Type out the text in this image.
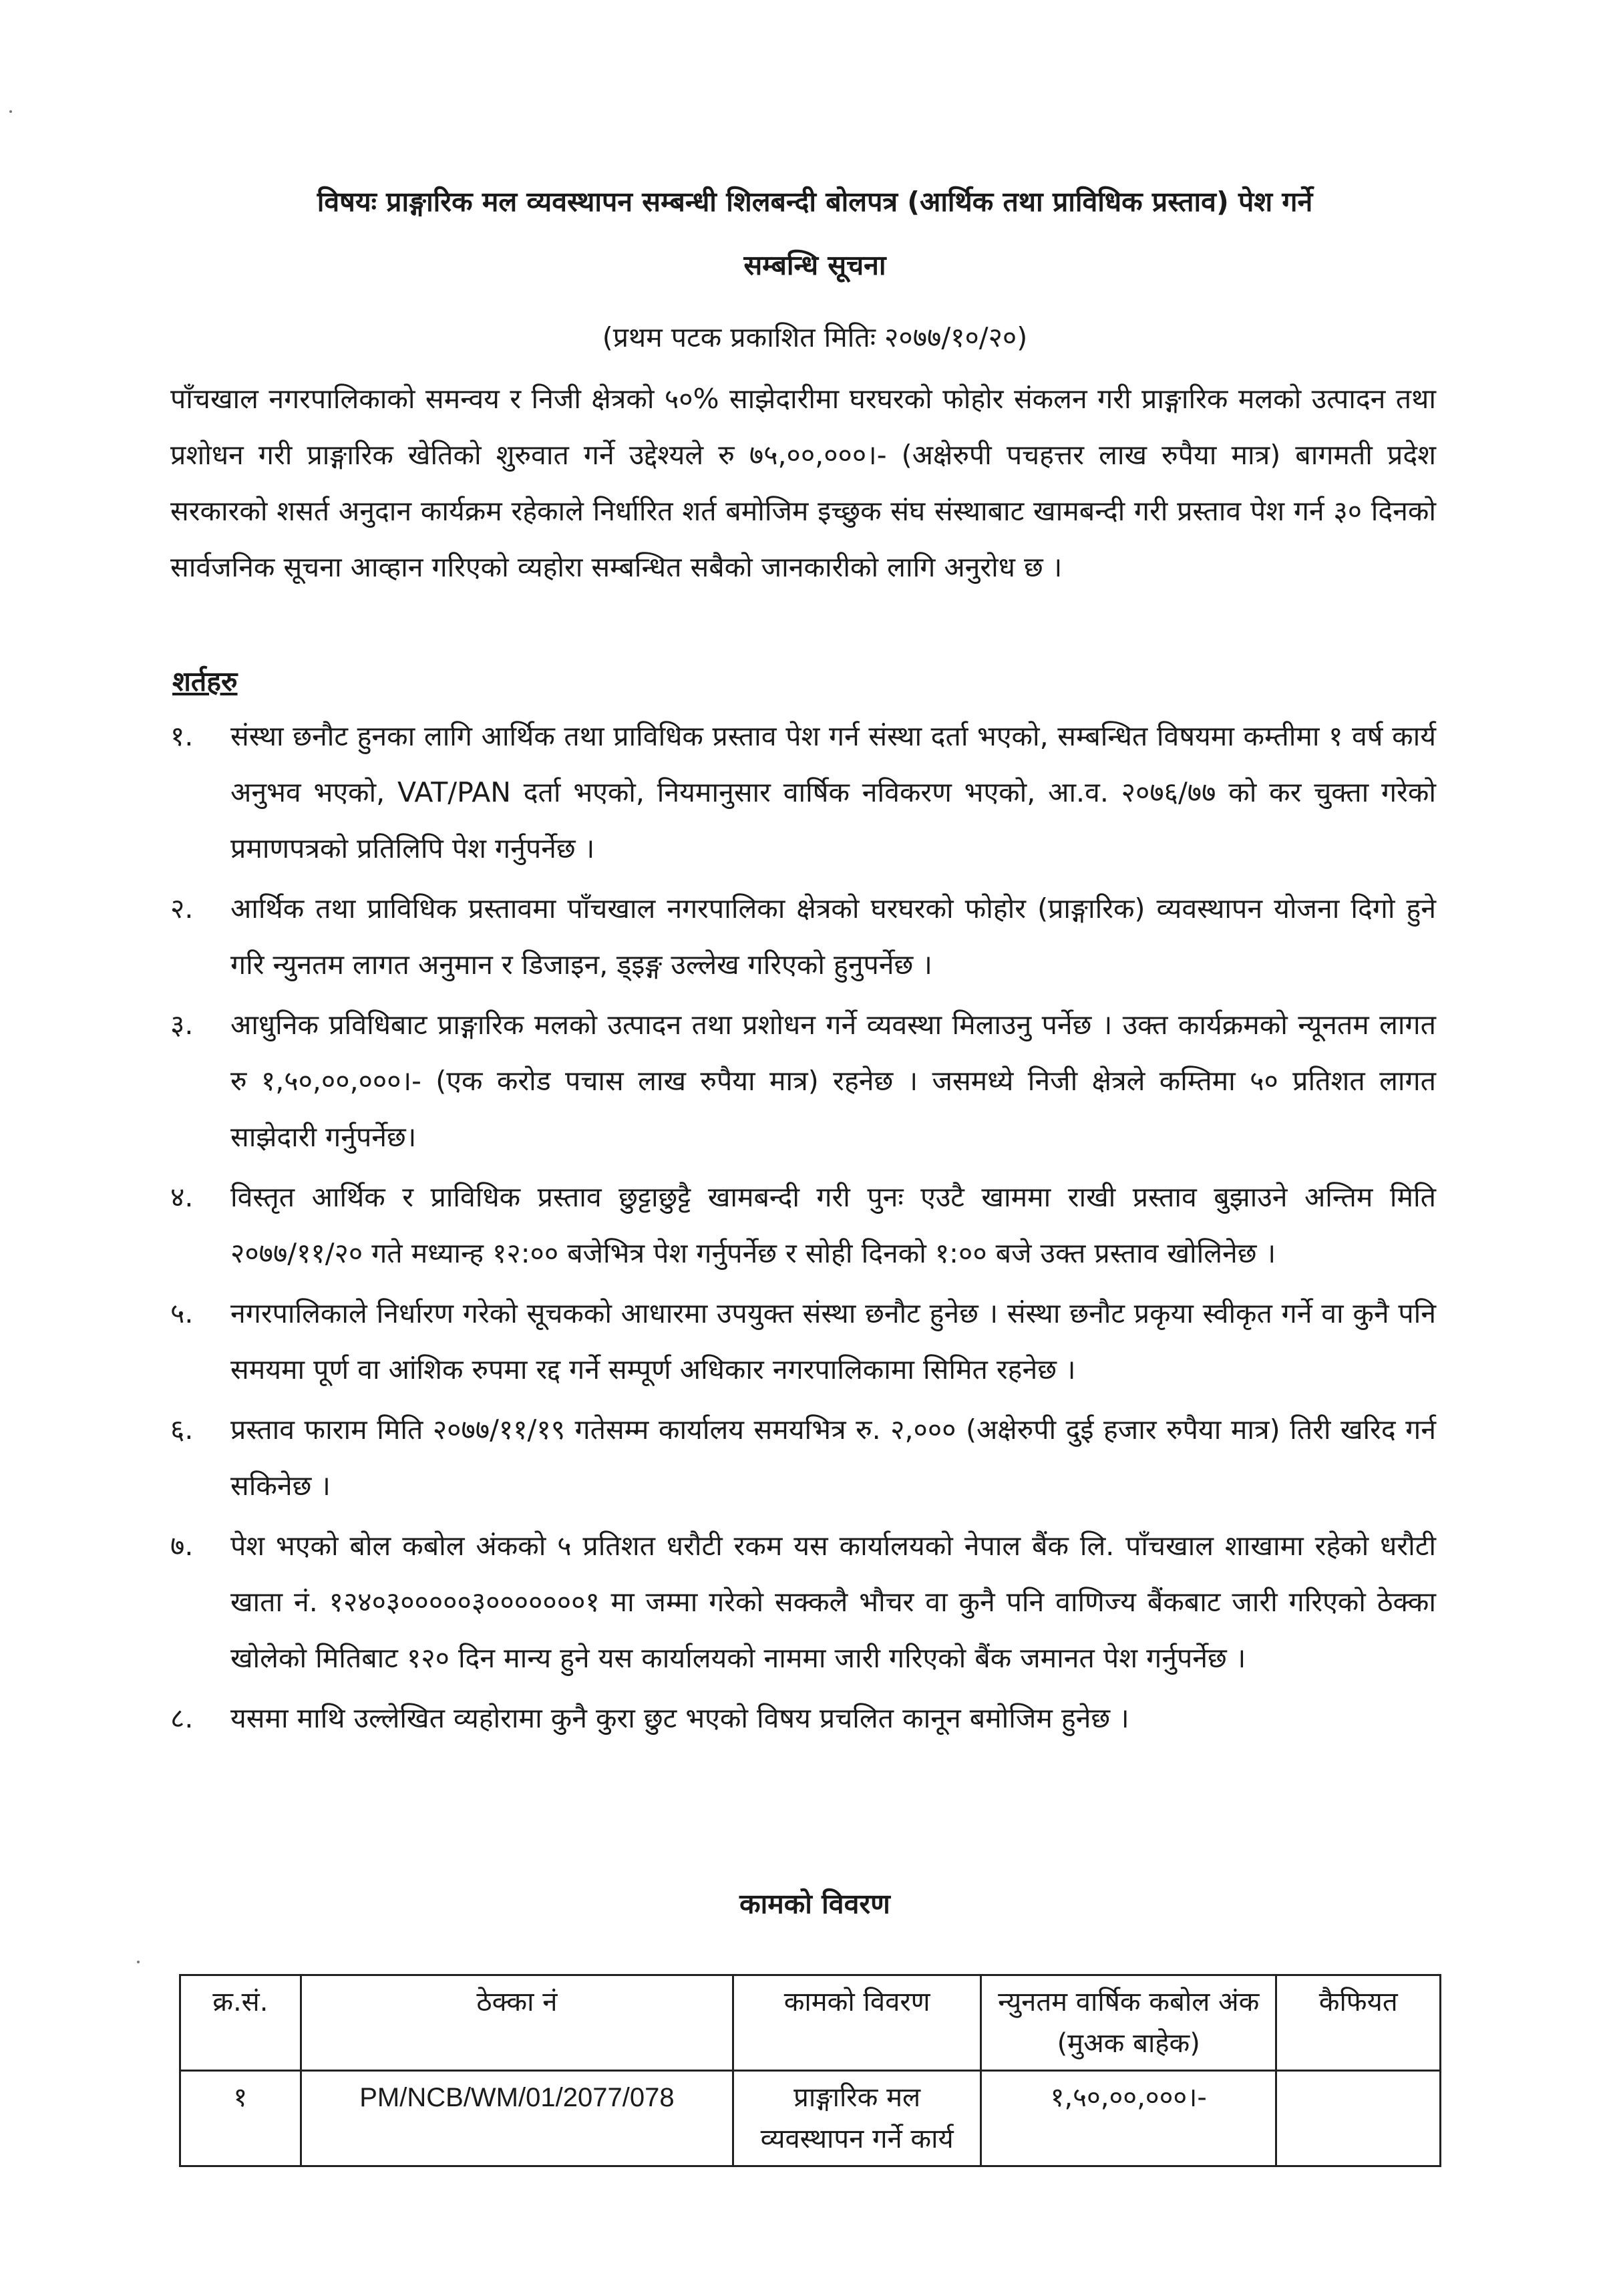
विषयः प्राङ्गारिक मल व्यवस्थापन सम्बन्धी शिलबन्दी बोलपत्र (आर्थिक तथा प्राविधिक प्रस्ताव) पेश गर्ने
सम्बन्धि सूचना
(प्रथम पटक प्रकाशित मितिः २०७७/१०/२०)
पाँचखाल नगरपालिकाको समन्वय र निजी क्षेत्रको ५०% साझेदारीमा घरघरको फोहोर संकलन गरी प्राङ्गारिक मलको उत्पादन तथा प्रशोधन गरी प्राङ्गारिक खेतिको शुरुवात गर्ने उद्देश्यले रु ७५,००,०००।- (अक्षेरुपी पचहत्तर लाख रुपैया मात्र) बागमती प्रदेश सरकारको शसर्त अनुदान कार्यक्रम रहेकाले निर्धारित शर्त बमोजिम इच्छुक संघ संस्थाबाट खामबन्दी गरी प्रस्ताव पेश गर्न ३० दिनको सार्वजनिक सूचना आव्हान गरिएको व्यहोरा सम्बन्धित सबैको जानकारीको लागि अनुरोध छ ।
शर्तहरु
१. संस्था छनौट हुनका लागि आर्थिक तथा प्राविधिक प्रस्ताव पेश गर्न संस्था दर्ता भएको, सम्बन्धित विषयमा कम्तीमा १ वर्ष कार्य अनुभव भएको, VAT/PAN दर्ता भएको, नियमानुसार वार्षिक नविकरण भएको, आ.व. २०७६/७७ को कर चुक्ता गरेको प्रमाणपत्रको प्रतिलिपि पेश गर्नुपर्नेछ ।
२. आर्थिक तथा प्राविधिक प्रस्तावमा पाँचखाल नगरपालिका क्षेत्रको घरघरको फोहोर (प्राङ्गारिक) व्यवस्थापन योजना दिगो हुने गरि न्युनतम लागत अनुमान र डिजाइन, ड्इङ्ग उल्लेख गरिएको हुनुपर्नेछ ।
३. आधुनिक प्रविधिबाट प्राङ्गारिक मलको उत्पादन तथा प्रशोधन गर्ने व्यवस्था मिलाउनु पर्नेछ । उक्त कार्यक्रमको न्यूनतम लागत रु १,५०,००,०००।- (एक करोड पचास लाख रुपैया मात्र) रहनेछ । जसमध्ये निजी क्षेत्रले कम्तिमा ५० प्रतिशत लागत साझेदारी गर्नुपर्नेछ।
४. विस्तृत आर्थिक र प्राविधिक प्रस्ताव छुट्टाछुट्टै खामबन्दी गरी पुनः एउटै खाममा राखी प्रस्ताव बुझाउने अन्तिम मिति २०७७/११/२० गते मध्यान्ह १२:०० बजेभित्र पेश गर्नुपर्नेछ र सोही दिनको १:०० बजे उक्त प्रस्ताव खोलिनेछ ।
५. नगरपालिकाले निर्धारण गरेको सूचकको आधारमा उपयुक्त संस्था छनौट हुनेछ । संस्था छनौट प्रकृया स्वीकृत गर्ने वा कुनै पनि समयमा पूर्ण वा आंशिक रुपमा रद्द गर्ने सम्पूर्ण अधिकार नगरपालिकामा सिमित रहनेछ ।
६. प्रस्ताव फाराम मिति २०७७/११/१९ गतेसम्म कार्यालय समयभित्र रु. २,००० (अक्षेरुपी दुई हजार रुपैया मात्र) तिरी खरिद गर्न सकिनेछ ।
७. पेश भएको बोल कबोल अंकको ५ प्रतिशत धरौटी रकम यस कार्यालयको नेपाल बैंक लि. पाँचखाल शाखामा रहेको धरौटी खाता नं. १२४०३०००००३०००००००१ मा जम्मा गरेको सक्कलै भौचर वा कुनै पनि वाणिज्य बैंकबाट जारी गरिएको ठेक्का खोलेको मितिबाट १२० दिन मान्य हुने यस कार्यालयको नाममा जारी गरिएको बैंक जमानत पेश गर्नुपर्नेछ ।
८. यसमा माथि उल्लेखित व्यहोरामा कुनै कुरा छुट भएको विषय प्रचलित कानून बमोजिम हुनेछ ।
कामको विवरण
क्र.सं.	ठेक्का नं	कामको विवरण	न्युनतम वार्षिक कबोल अंक (मुअक बाहेक)	कैफियत
१	PM/NCB/WM/01/2077/078	प्राङ्गारिक मल व्यवस्थापन गर्ने कार्य	१,५०,००,०००।-	
